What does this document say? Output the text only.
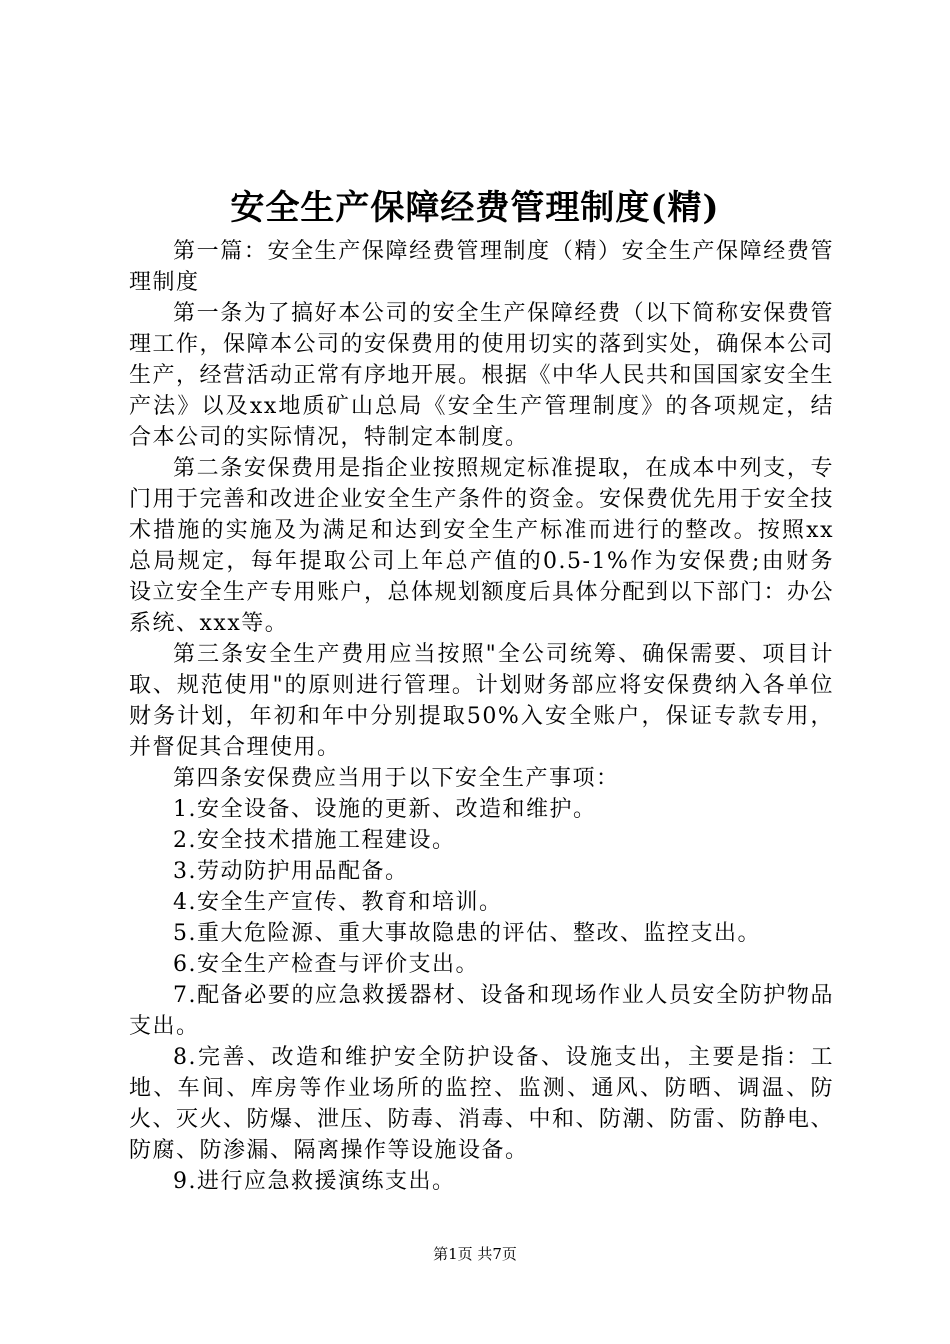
安全生产保障经费管理制度(精)

第一篇：安全生产保障经费管理制度（精）安全生产保障经费管理制度

第一条为了搞好本公司的安全生产保障经费（以下简称安保费管理工作，保障本公司的安保费用的使用切实的落到实处，确保本公司生产，经营活动正常有序地开展。根据《中华人民共和国国家安全生产法》以及xx地质矿山总局《安全生产管理制度》的各项规定，结合本公司的实际情况，特制定本制度。

第二条安保费用是指企业按照规定标准提取，在成本中列支，专门用于完善和改进企业安全生产条件的资金。安保费优先用于安全技术措施的实施及为满足和达到安全生产标准而进行的整改。按照xx总局规定，每年提取公司上年总产值的0.5-1%作为安保费;由财务设立安全生产专用账户，总体规划额度后具体分配到以下部门：办公系统、xxx等。

第三条安全生产费用应当按照"全公司统筹、确保需要、项目计取、规范使用"的原则进行管理。计划财务部应将安保费纳入各单位财务计划，年初和年中分别提取50%入安全账户，保证专款专用，并督促其合理使用。

第四条安保费应当用于以下安全生产事项：

1.安全设备、设施的更新、改造和维护。

2.安全技术措施工程建设。

3.劳动防护用品配备。

4.安全生产宣传、教育和培训。

5.重大危险源、重大事故隐患的评估、整改、监控支出。

6.安全生产检查与评价支出。

7.配备必要的应急救援器材、设备和现场作业人员安全防护物品支出。

8.完善、改造和维护安全防护设备、设施支出，主要是指：工地、车间、库房等作业场所的监控、监测、通风、防晒、调温、防火、灭火、防爆、泄压、防毒、消毒、中和、防潮、防雷、防静电、防腐、防渗漏、隔离操作等设施设备。

9.进行应急救援演练支出。

第1页 共7页
